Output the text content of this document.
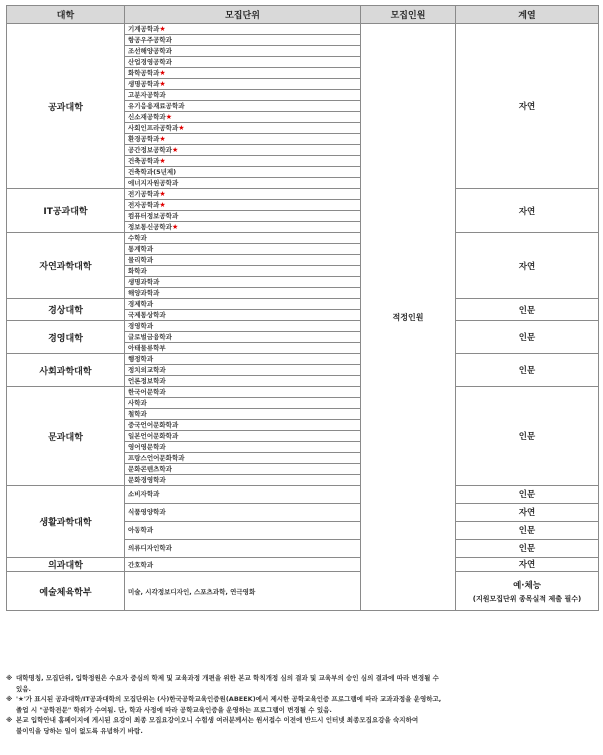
대학	모집단위	모집인원	계열
공과대학	기계공학과★	적정인원	자연
	항공우주공학과		
	조선해양공학과		
	산업경영공학과		
	화학공학과★		
	생명공학과★		
	고분자공학과		
	유기응용재료공학과		
	신소재공학과★		
	사회인프라공학과★		
	환경공학과★		
	공간정보공학과★		
	건축공학과★		
	건축학과(5년제)		
	에너지자원공학과		
IT공과대학	전기공학과★		자연
	전자공학과★		
	컴퓨터정보공학과		
	정보통신공학과★		
자연과학대학	수학과		자연
	통계학과		
	물리학과		
	화학과		
	생명과학과		
	해양과학과		
경상대학	경제학과		인문
	국제통상학과		
경영대학	경영학과		인문
	글로벌금융학과		
	아태물류학부		
사회과학대학	행정학과		인문
	정치외교학과		
	언론정보학과		
문과대학	한국어문학과		인문
	사학과		
	철학과		
	중국언어문화학과		
	일본언어문화학과		
	영어영문학과		
	프랑스언어문화학과		
	문화콘텐츠학과		
	문화경영학과		
생활과학대학	소비자학과		인문
	식품영양학과		자연
	아동학과		인문
	의류디자인학과		인문
의과대학	간호학과		자연
예술체육학부	미술, 시각정보디자인, 스포츠과학, 연극영화		예·체능
(지원모집단위 종목실적 제출 필수)
※ 대학명칭, 모집단위, 입학정원은 수요자 중심의 학제 및 교육과정 개편을 위한 본교 학칙개정 심의 결과 및 교육부의 승인 심의 결과에 따라 변경될 수
있음.
※ '★'가 표시된 공과대학/IT공과대학의 모집단위는 (사)한국공학교육인증원(ABEEK)에서 제시한 공학교육인증 프로그램에 따라 교과과정을 운영하고,
졸업 시 "공학전문" 학위가 수여됨. 단, 학과 사정에 따라 공학교육인증을 운영하는 프로그램이 변경될 수 있음.
※ 본교 입학안내 홈페이지에 게시된 요강이 최종 모집요강이오니 수험생 여러분께서는 원서접수 이전에 반드시 인터넷 최종모집요강을 숙지하여
불이익을 당하는 일이 없도록 유념하기 바람.
